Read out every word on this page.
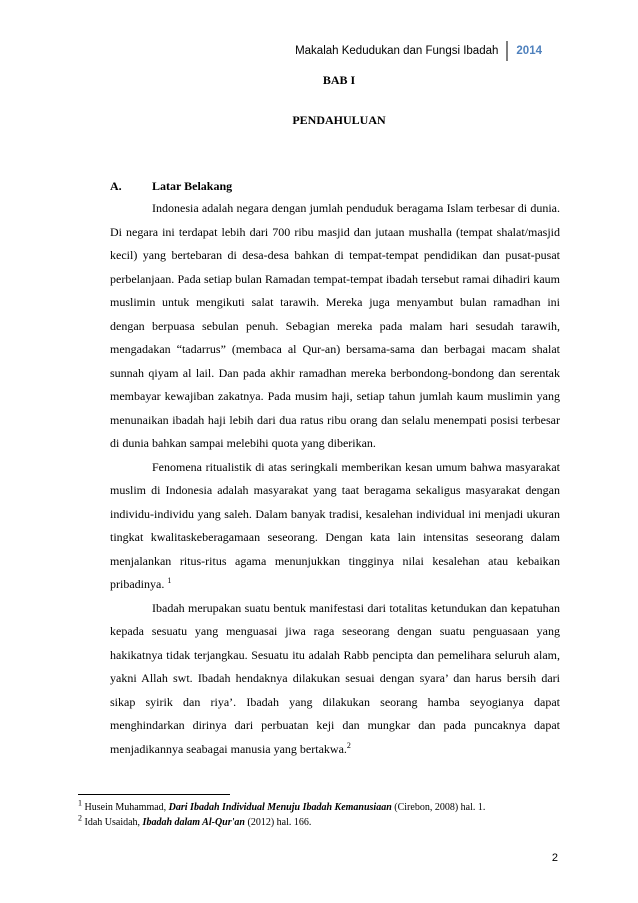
Makalah Kedudukan dan Fungsi Ibadah	2014
BAB I
PENDAHULUAN
A.	Latar Belakang

Indonesia adalah negara dengan jumlah penduduk beragama Islam terbesar di dunia. Di negara ini terdapat lebih dari 700 ribu masjid dan jutaan mushalla (tempat shalat/masjid kecil) yang bertebaran di desa-desa bahkan di tempat-tempat pendidikan dan pusat-pusat perbelanjaan. Pada setiap bulan Ramadan tempat-tempat ibadah tersebut ramai dihadiri kaum muslimin untuk mengikuti salat tarawih. Mereka juga menyambut bulan ramadhan ini dengan berpuasa sebulan penuh. Sebagian mereka pada malam hari sesudah tarawih, mengadakan “tadarrus” (membaca al Qur-an) bersama-sama dan berbagai macam shalat sunnah qiyam al lail. Dan pada akhir ramadhan mereka berbondong-bondong dan serentak membayar kewajiban zakatnya. Pada musim haji, setiap tahun jumlah kaum muslimin yang menunaikan ibadah haji lebih dari dua ratus ribu orang dan selalu menempati posisi terbesar di dunia bahkan sampai melebihi quota yang diberikan.

Fenomena ritualistik di atas seringkali memberikan kesan umum bahwa masyarakat muslim di Indonesia adalah masyarakat yang taat beragama sekaligus masyarakat dengan individu-individu yang saleh. Dalam banyak tradisi, kesalehan individual ini menjadi ukuran tingkat kwalitaskeberagamaan seseorang. Dengan kata lain intensitas seseorang dalam menjalankan ritus-ritus agama menunjukkan tingginya nilai kesalehan atau kebaikan pribadinya. $^1$

Ibadah merupakan suatu bentuk manifestasi dari totalitas ketundukan dan kepatuhan kepada sesuatu yang menguasai jiwa raga seseorang dengan suatu penguasaan yang hakikatnya tidak terjangkau. Sesuatu itu adalah Rabb pencipta dan pemelihara seluruh alam, yakni Allah swt. Ibadah hendaknya dilakukan sesuai dengan syara’ dan harus bersih dari sikap syirik dan riya’. Ibadah yang dilakukan seorang hamba seyogianya dapat menghindarkan dirinya dari perbuatan keji dan mungkar dan pada puncaknya dapat menjadikannya seabagai manusia yang bertakwa.$^2$

$^1$ Husein Muhammad, Dari Ibadah Individual Menuju Ibadah Kemanusiaan (Cirebon, 2008) hal. 1.
$^2$ Idah Usaidah, Ibadah dalam Al-Qur'an (2012) hal. 166.
2
